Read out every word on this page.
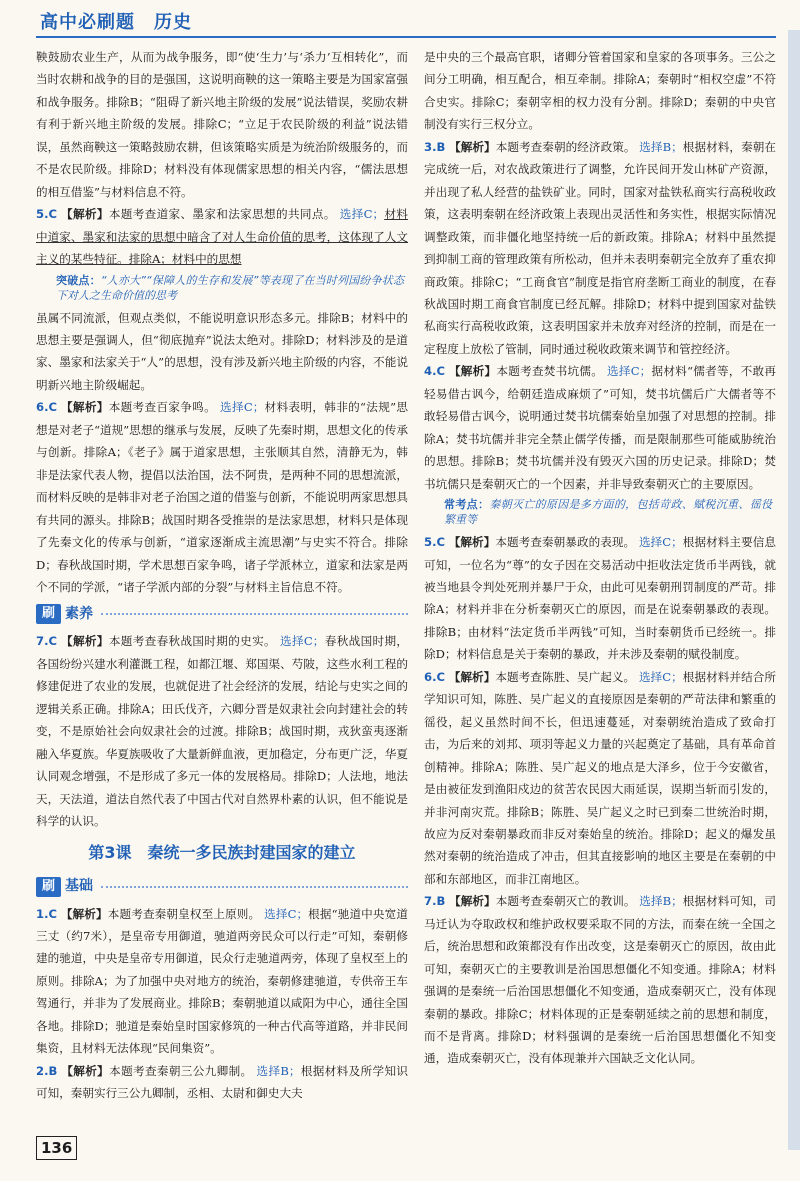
高中必刷题　历史

鞅鼓励农业生产，从而为战争服务，即“使‘生力’与‘杀力’互相转化”，而当时农耕和战争的目的是强国，这说明商鞅的这一策略主要是为国家富强和战争服务。排除B；“阻碍了新兴地主阶级的发展”说法错误，奖励农耕有利于新兴地主阶级的发展。排除C；“立足于农民阶级的利益”说法错误，虽然商鞅这一策略鼓励农耕，但该策略实质是为统治阶级服务的，而不是农民阶级。排除D；材料没有体现儒家思想的相关内容，“儒法思想的相互借鉴”与材料信息不符。

5.C 【解析】本题考查道家、墨家和法家思想的共同点。 选择C；材料中道家、墨家和法家的思想中暗含了对人生命价值的思考，这体现了人文主义的某些特征。排除A；材料中的思想

突破点：“人亦大”“保障人的生存和发展”等表现了在当时列国纷争状态下对人之生命价值的思考

虽属不同流派，但观点类似，不能说明意识形态多元。排除B；材料中的思想主要是强调人，但“彻底抛弃”说法太绝对。排除D；材料涉及的是道家、墨家和法家关于“人”的思想，没有涉及新兴地主阶级的内容，不能说明新兴地主阶级崛起。

6.C 【解析】本题考查百家争鸣。 选择C；材料表明，韩非的“法规”思想是对老子“道规”思想的继承与发展，反映了先秦时期，思想文化的传承与创新。排除A；《老子》属于道家思想，主张顺其自然，清静无为，韩非是法家代表人物，提倡以法治国，法不阿贵，是两种不同的思想流派，而材料反映的是韩非对老子治国之道的借鉴与创新，不能说明两家思想具有共同的源头。排除B；战国时期各受推崇的是法家思想，材料只是体现了先秦文化的传承与创新，“道家逐渐成主流思潮”与史实不符合。排除D；春秋战国时期，学术思想百家争鸣，诸子学派林立，道家和法家是两个不同的学派，“诸子学派内部的分裂”与材料主旨信息不符。

刷 素养

7.C 【解析】本题考查春秋战国时期的史实。 选择C；春秋战国时期，各国纷纷兴建水利灌溉工程，如都江堰、郑国渠、芍陂，这些水利工程的修建促进了农业的发展，也就促进了社会经济的发展，结论与史实之间的逻辑关系正确。排除A；田氏伐齐，六卿分晋是奴隶社会向封建社会的转变，不是原始社会向奴隶社会的过渡。排除B；战国时期，戎狄蛮夷逐渐融入华夏族。华夏族吸收了大量新鲜血液，更加稳定，分布更广泛，华夏认同观念增强，不是形成了多元一体的发展格局。排除D；人法地，地法天，天法道，道法自然代表了中国古代对自然界朴素的认识，但不能说是科学的认识。

第3课　秦统一多民族封建国家的建立
刷 基础

1.C 【解析】本题考查秦朝皇权至上原则。 选择C；根据“驰道中央宽道三丈（约7米），是皇帝专用御道，驰道两旁民众可以行走”可知，秦朝修建的驰道，中央是皇帝专用御道，民众行走驰道两旁，体现了皇权至上的原则。排除A；为了加强中央对地方的统治，秦朝修建驰道，专供帝王车驾通行，并非为了发展商业。排除B；秦朝驰道以咸阳为中心，通往全国各地。排除D；驰道是秦始皇时国家修筑的一种古代高等道路，并非民间集资，且材料无法体现“民间集资”。

2.B 【解析】本题考查秦朝三公九卿制。 选择B；根据材料及所学知识可知，秦朝实行三公九卿制，丞相、太尉和御史大夫

是中央的三个最高官职，诸卿分管着国家和皇家的各项事务。三公之间分工明确，相互配合，相互牵制。排除A；秦朝时“相权空虚”不符合史实。排除C；秦朝宰相的权力没有分割。排除D；秦朝的中央官制没有实行三权分立。

3.B 【解析】本题考查秦朝的经济政策。 选择B；根据材料，秦朝在完成统一后，对农战政策进行了调整，允许民间开发山林矿产资源，并出现了私人经营的盐铁矿业。同时，国家对盐铁私商实行高税收政策，这表明秦朝在经济政策上表现出灵活性和务实性，根据实际情况调整政策，而非僵化地坚持统一后的新政策。排除A；材料中虽然提到抑制工商的管理政策有所松动，但并未表明秦朝完全放弃了重农抑商政策。排除C；“工商食官”制度是指官府垄断工商业的制度，在春秋战国时期工商食官制度已经瓦解。排除D；材料中提到国家对盐铁私商实行高税收政策，这表明国家并未放弃对经济的控制，而是在一定程度上放松了管制，同时通过税收政策来调节和管控经济。

4.C 【解析】本题考查焚书坑儒。 选择C；据材料“儒者等，不敢再轻易借古讽今，给朝廷造成麻烦了”可知，焚书坑儒后广大儒者等不敢轻易借古讽今，说明通过焚书坑儒秦始皇加强了对思想的控制。排除A；焚书坑儒并非完全禁止儒学传播，而是限制那些可能威胁统治的思想。排除B；焚书坑儒并没有毁灭六国的历史记录。排除D；焚书坑儒只是秦朝灭亡的一个因素，并非导致秦朝灭亡的主要原因。

常考点：秦朝灭亡的原因是多方面的，包括苛政、赋税沉重、徭役繁重等

5.C 【解析】本题考查秦朝暴政的表现。 选择C；根据材料主要信息可知，一位名为“尊”的女子因在交易活动中拒收法定货币半两钱，就被当地县令判处死刑并暴尸于众，由此可见秦朝刑罚制度的严苛。排除A；材料并非在分析秦朝灭亡的原因，而是在说秦朝暴政的表现。排除B；由材料“法定货币半两钱”可知，当时秦朝货币已经统一。排除D；材料信息是关于秦朝的暴政，并未涉及秦朝的赋役制度。

6.C 【解析】本题考查陈胜、吴广起义。 选择C；根据材料并结合所学知识可知，陈胜、吴广起义的直接原因是秦朝的严苛法律和繁重的徭役，起义虽然时间不长，但迅速蔓延，对秦朝统治造成了致命打击，为后来的刘邦、项羽等起义力量的兴起奠定了基础，具有革命首创精神。排除A；陈胜、吴广起义的地点是大泽乡，位于今安徽省，是由被征发到渔阳戍边的贫苦农民因大雨延误，误期当斩而引发的，并非河南灾荒。排除B；陈胜、吴广起义之时已到秦二世统治时期，故应为反对秦朝暴政而非反对秦始皇的统治。排除D；起义的爆发虽然对秦朝的统治造成了冲击，但其直接影响的地区主要是在秦朝的中部和东部地区，而非江南地区。

7.B 【解析】本题考查秦朝灭亡的教训。 选择B；根据材料可知，司马迁认为夺取政权和维护政权要采取不同的方法，而秦在统一全国之后，统治思想和政策都没有作出改变，这是秦朝灭亡的原因，故由此可知，秦朝灭亡的主要教训是治国思想僵化不知变通。排除A；材料强调的是秦统一后治国思想僵化不知变通，造成秦朝灭亡，没有体现秦朝的暴政。排除C；材料体现的正是秦朝延续之前的思想和制度，而不是背离。排除D；材料强调的是秦统一后治国思想僵化不知变通，造成秦朝灭亡，没有体现兼并六国缺乏文化认同。

136
